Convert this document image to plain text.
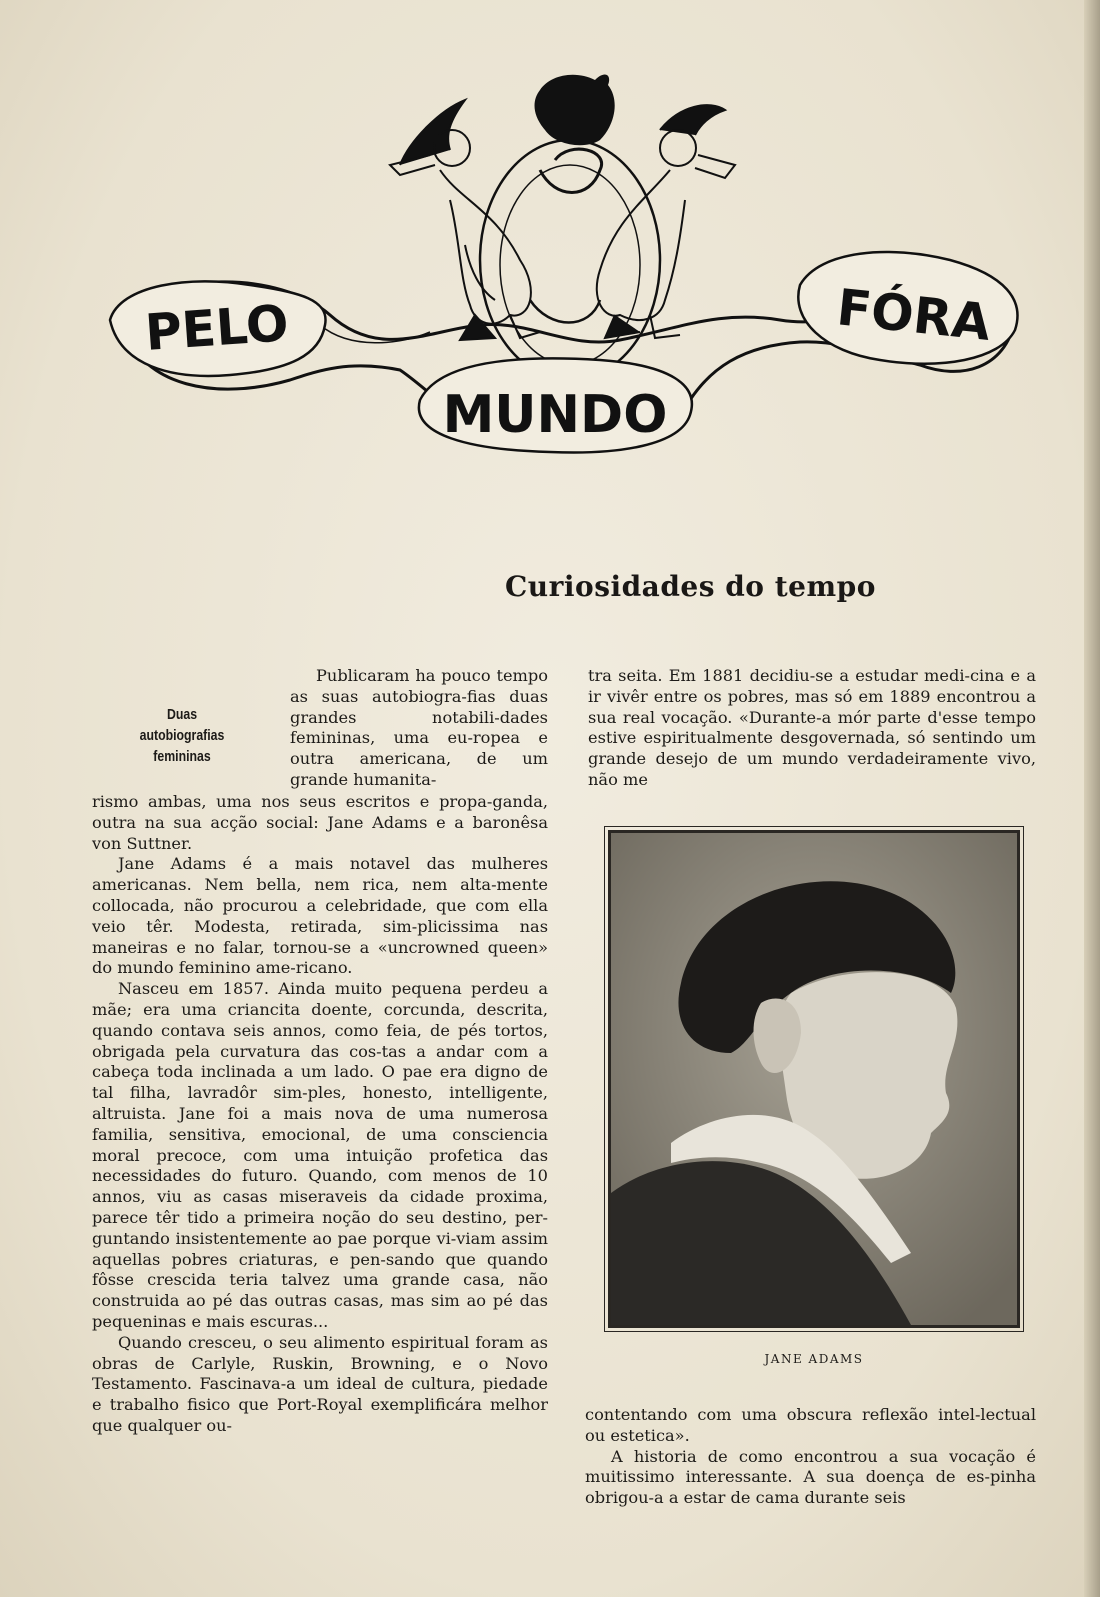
PELO
MUNDO
FÓRA
Curiosidades do tempo
Duas autobiografias
femininas

Publicaram ha pouco tempo as suas autobiogra-fias duas grandes notabili-dades femininas, uma eu-ropea e outra americana, de um grande humanita-

rismo ambas, uma nos seus escritos e propa-ganda, outra na sua acção social: Jane Adams e a baronêsa von Suttner.

Jane Adams é a mais notavel das mulheres americanas. Nem bella, nem rica, nem alta-mente collocada, não procurou a celebridade, que com ella veio têr. Modesta, retirada, sim-plicissima nas maneiras e no falar, tornou-se a «uncrowned queen» do mundo feminino ame-ricano.

Nasceu em 1857. Ainda muito pequena perdeu a mãe; era uma criancita doente, corcunda, descrita, quando contava seis annos, como feia, de pés tortos, obrigada pela curvatura das cos-tas a andar com a cabeça toda inclinada a um lado. O pae era digno de tal filha, lavradôr sim-ples, honesto, intelligente, altruista. Jane foi a mais nova de uma numerosa familia, sensitiva, emocional, de uma consciencia moral precoce, com uma intuição profetica das necessidades do futuro. Quando, com menos de 10 annos, viu as casas miseraveis da cidade proxima, parece têr tido a primeira noção do seu destino, per-guntando insistentemente ao pae porque vi-viam assim aquellas pobres criaturas, e pen-sando que quando fôsse crescida teria talvez uma grande casa, não construida ao pé das outras casas, mas sim ao pé das pequeninas e mais escuras...

Quando cresceu, o seu alimento espiritual foram as obras de Carlyle, Ruskin, Browning, e o Novo Testamento. Fascinava-a um ideal de cultura, piedade e trabalho fisico que Port-Royal exemplificára melhor que qualquer ou-

tra seita. Em 1881 decidiu-se a estudar medi-cina e a ir vivêr entre os pobres, mas só em 1889 encontrou a sua real vocação. «Durante-a mór parte d'esse tempo estive espiritualmente desgovernada, só sentindo um grande desejo de um mundo verdadeiramente vivo, não me

JANE ADAMS

contentando com uma obscura reflexão intel-lectual ou estetica».

A historia de como encontrou a sua vocação é muitissimo interessante. A sua doença de es-pinha obrigou-a a estar de cama durante seis
